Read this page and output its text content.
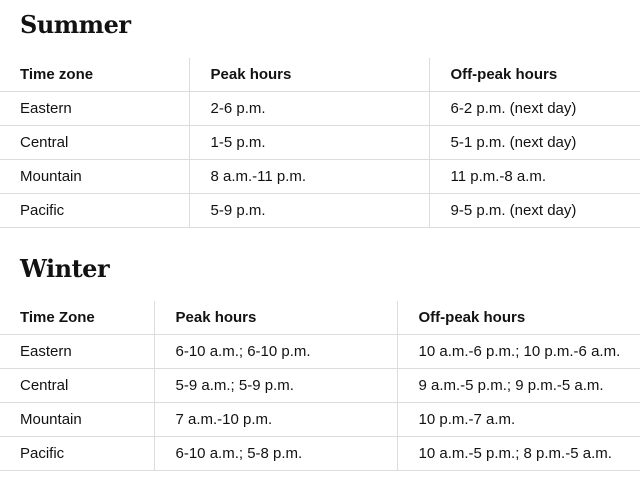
Summer
Time zone	Peak hours	Off-peak hours
Eastern	2-6 p.m.	6-2 p.m. (next day)
Central	1-5 p.m.	5-1 p.m. (next day)
Mountain	8 a.m.-11 p.m.	11 p.m.-8 a.m.
Pacific	5-9 p.m.	9-5 p.m. (next day)
Winter
Time Zone	Peak hours	Off-peak hours
Eastern	6-10 a.m.; 6-10 p.m.	10 a.m.-6 p.m.; 10 p.m.-6 a.m.
Central	5-9 a.m.; 5-9 p.m.	9 a.m.-5 p.m.; 9 p.m.-5 a.m.
Mountain	7 a.m.-10 p.m.	10 p.m.-7 a.m.
Pacific	6-10 a.m.; 5-8 p.m.	10 a.m.-5 p.m.; 8 p.m.-5 a.m.
